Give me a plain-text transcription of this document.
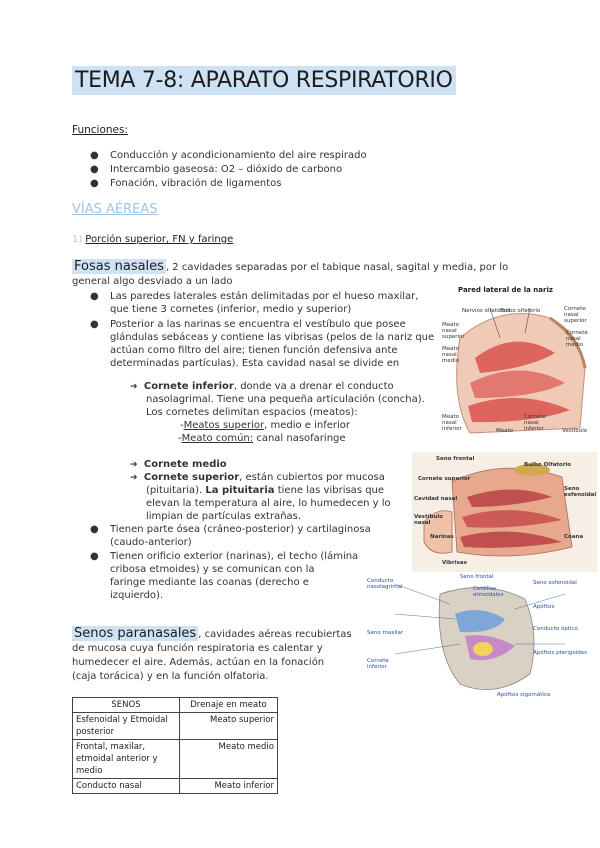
TEMA 7-8: APARATO RESPIRATORIO
Funciones:
● Conducción y acondicionamiento del aire respirado
● Intercambio gaseosa: O2 – dióxido de carbono
● Fonación, vibración de ligamentos
VÍAS AÉREAS
1) Porción superior, FN y faringe
Fosas nasales , 2 cavidades separadas por el tabique nasal, sagital y media, por lo
general algo desviado a un lado
● Las paredes laterales están delimitadas por el hueso maxilar,
que tiene 3 cornetes (inferior, medio y superior)
● Posterior a las narinas se encuentra el vestíbulo que posee
glándulas sebáceas y contiene las vibrisas (pelos de la nariz que
actúan como filtro del aire; tienen función defensiva ante
determinadas partículas). Esta cavidad nasal se divide en
➔ Cornete inferior, donde va a drenar el conducto
nasolagrimal. Tiene una pequeña articulación (concha).
Los cornetes delimitan espacios (meatos):
-Meatos superior, medio e inferior
-Meato común: canal nasofaringe
➔ Cornete medio
➔ Cornete superior, están cubiertos por mucosa
(pituitaria). La pituitaria tiene las vibrisas que
elevan la temperatura al aire, lo humedecen y lo
limpian de partículas extrañas.
● Tienen parte ósea (cráneo-posterior) y cartilaginosa
(caudo-anterior)
● Tienen orificio exterior (narinas), el techo (lámina
cribosa etmoides) y se comunican con la
faringe mediante las coanas (derecho e
izquierdo).
Senos paranasales , cavidades aéreas recubiertas
de mucosa cuya función respiratoria es calentar y
humedecer el aire. Además, actúan en la fonación
(caja torácica) y en la función olfatoria.
SENOS	Drenaje en meato
Esfenoidal y Etmoidal posterior	Meato superior
Frontal, maxilar, etmoidal anterior y medio	Meato medio
Conducto nasal	Meato inferior
Pared lateral de la nariz
Nervios olfatorios
Bulbo olfatorio	Cornete nasal superior
Cornete nasal medio
Meato nasal superior
Meato nasal medio
Meato nasal inferior
Cornete nasal inferior
Meato	Vestíbulo
Seno frontal
Bulbo Olfatorio
Cornete superior
Seno esfenoidal
Cavidad nasal
Vestíbulo nasal
Narinas	Coana
Vibrisas
Seno frontal
Conducto nasolagrimal	Celdillas etmoidales
Seno maxilar
Cornete inferior
Seno esfenoidal
Apófisis
Conducto óptico
Apófisis pterigoides
Apófisis cigomática
